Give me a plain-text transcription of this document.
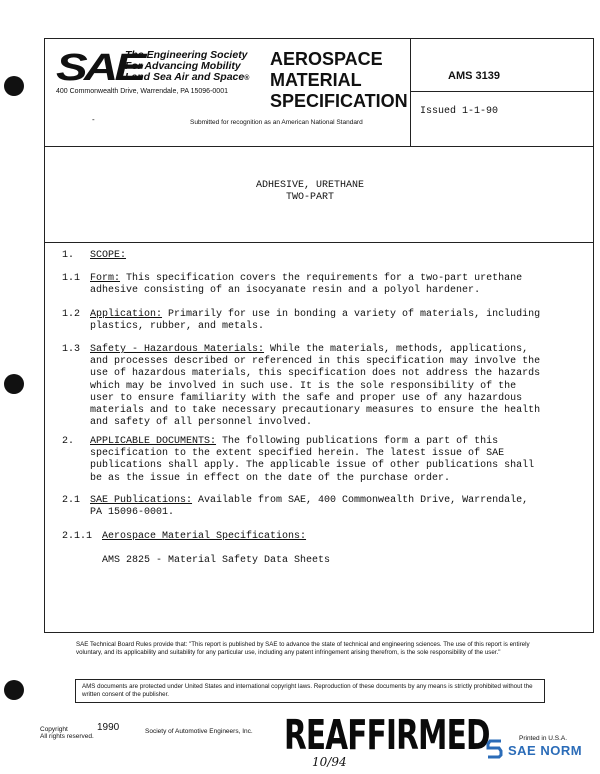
SAE
The Engineering Society
For Advancing Mobility
Land Sea Air and Space®
400 Commonwealth Drive, Warrendale, PA 15096-0001
AEROSPACE
MATERIAL
SPECIFICATION
-	Submitted for recognition as an American National Standard
AMS 3139
Issued 1-1-90
ADHESIVE, URETHANE
TWO-PART
1. SCOPE:
1.1 Form: This specification covers the requirements for a two-part urethane
adhesive consisting of an isocyanate resin and a polyol hardener.
1.2 Application: Primarily for use in bonding a variety of materials, including
plastics, rubber, and metals.
1.3 Safety - Hazardous Materials: While the materials, methods, applications,
and processes described or referenced in this specification may involve the
use of hazardous materials, this specification does not address the hazards
which may be involved in such use. It is the sole responsibility of the
user to ensure familiarity with the safe and proper use of any hazardous
materials and to take necessary precautionary measures to ensure the health
and safety of all personnel involved.
2. APPLICABLE DOCUMENTS: The following publications form a part of this
specification to the extent specified herein. The latest issue of SAE
publications shall apply. The applicable issue of other publications shall
be as the issue in effect on the date of the purchase order.
2.1 SAE Publications: Available from SAE, 400 Commonwealth Drive, Warrendale,
PA 15096-0001.
2.1.1 Aerospace Material Specifications:
AMS 2825 - Material Safety Data Sheets
SAE Technical Board Rules provide that: "This report is published by SAE to advance the state of technical and engineering sciences. The use of this report is entirely voluntary, and its applicability and suitability for any particular use, including any patent infringement arising therefrom, is the sole responsibility of the user."
AMS documents are protected under United States and international copyright laws. Reproduction of these documents by any means is strictly prohibited without the written consent of the publisher.
Copyright
All rights reserved.
1990	Society of Automotive Engineers, Inc. REAFFIRMED
10/94
Printed in U.S.A.
SAE NORM
